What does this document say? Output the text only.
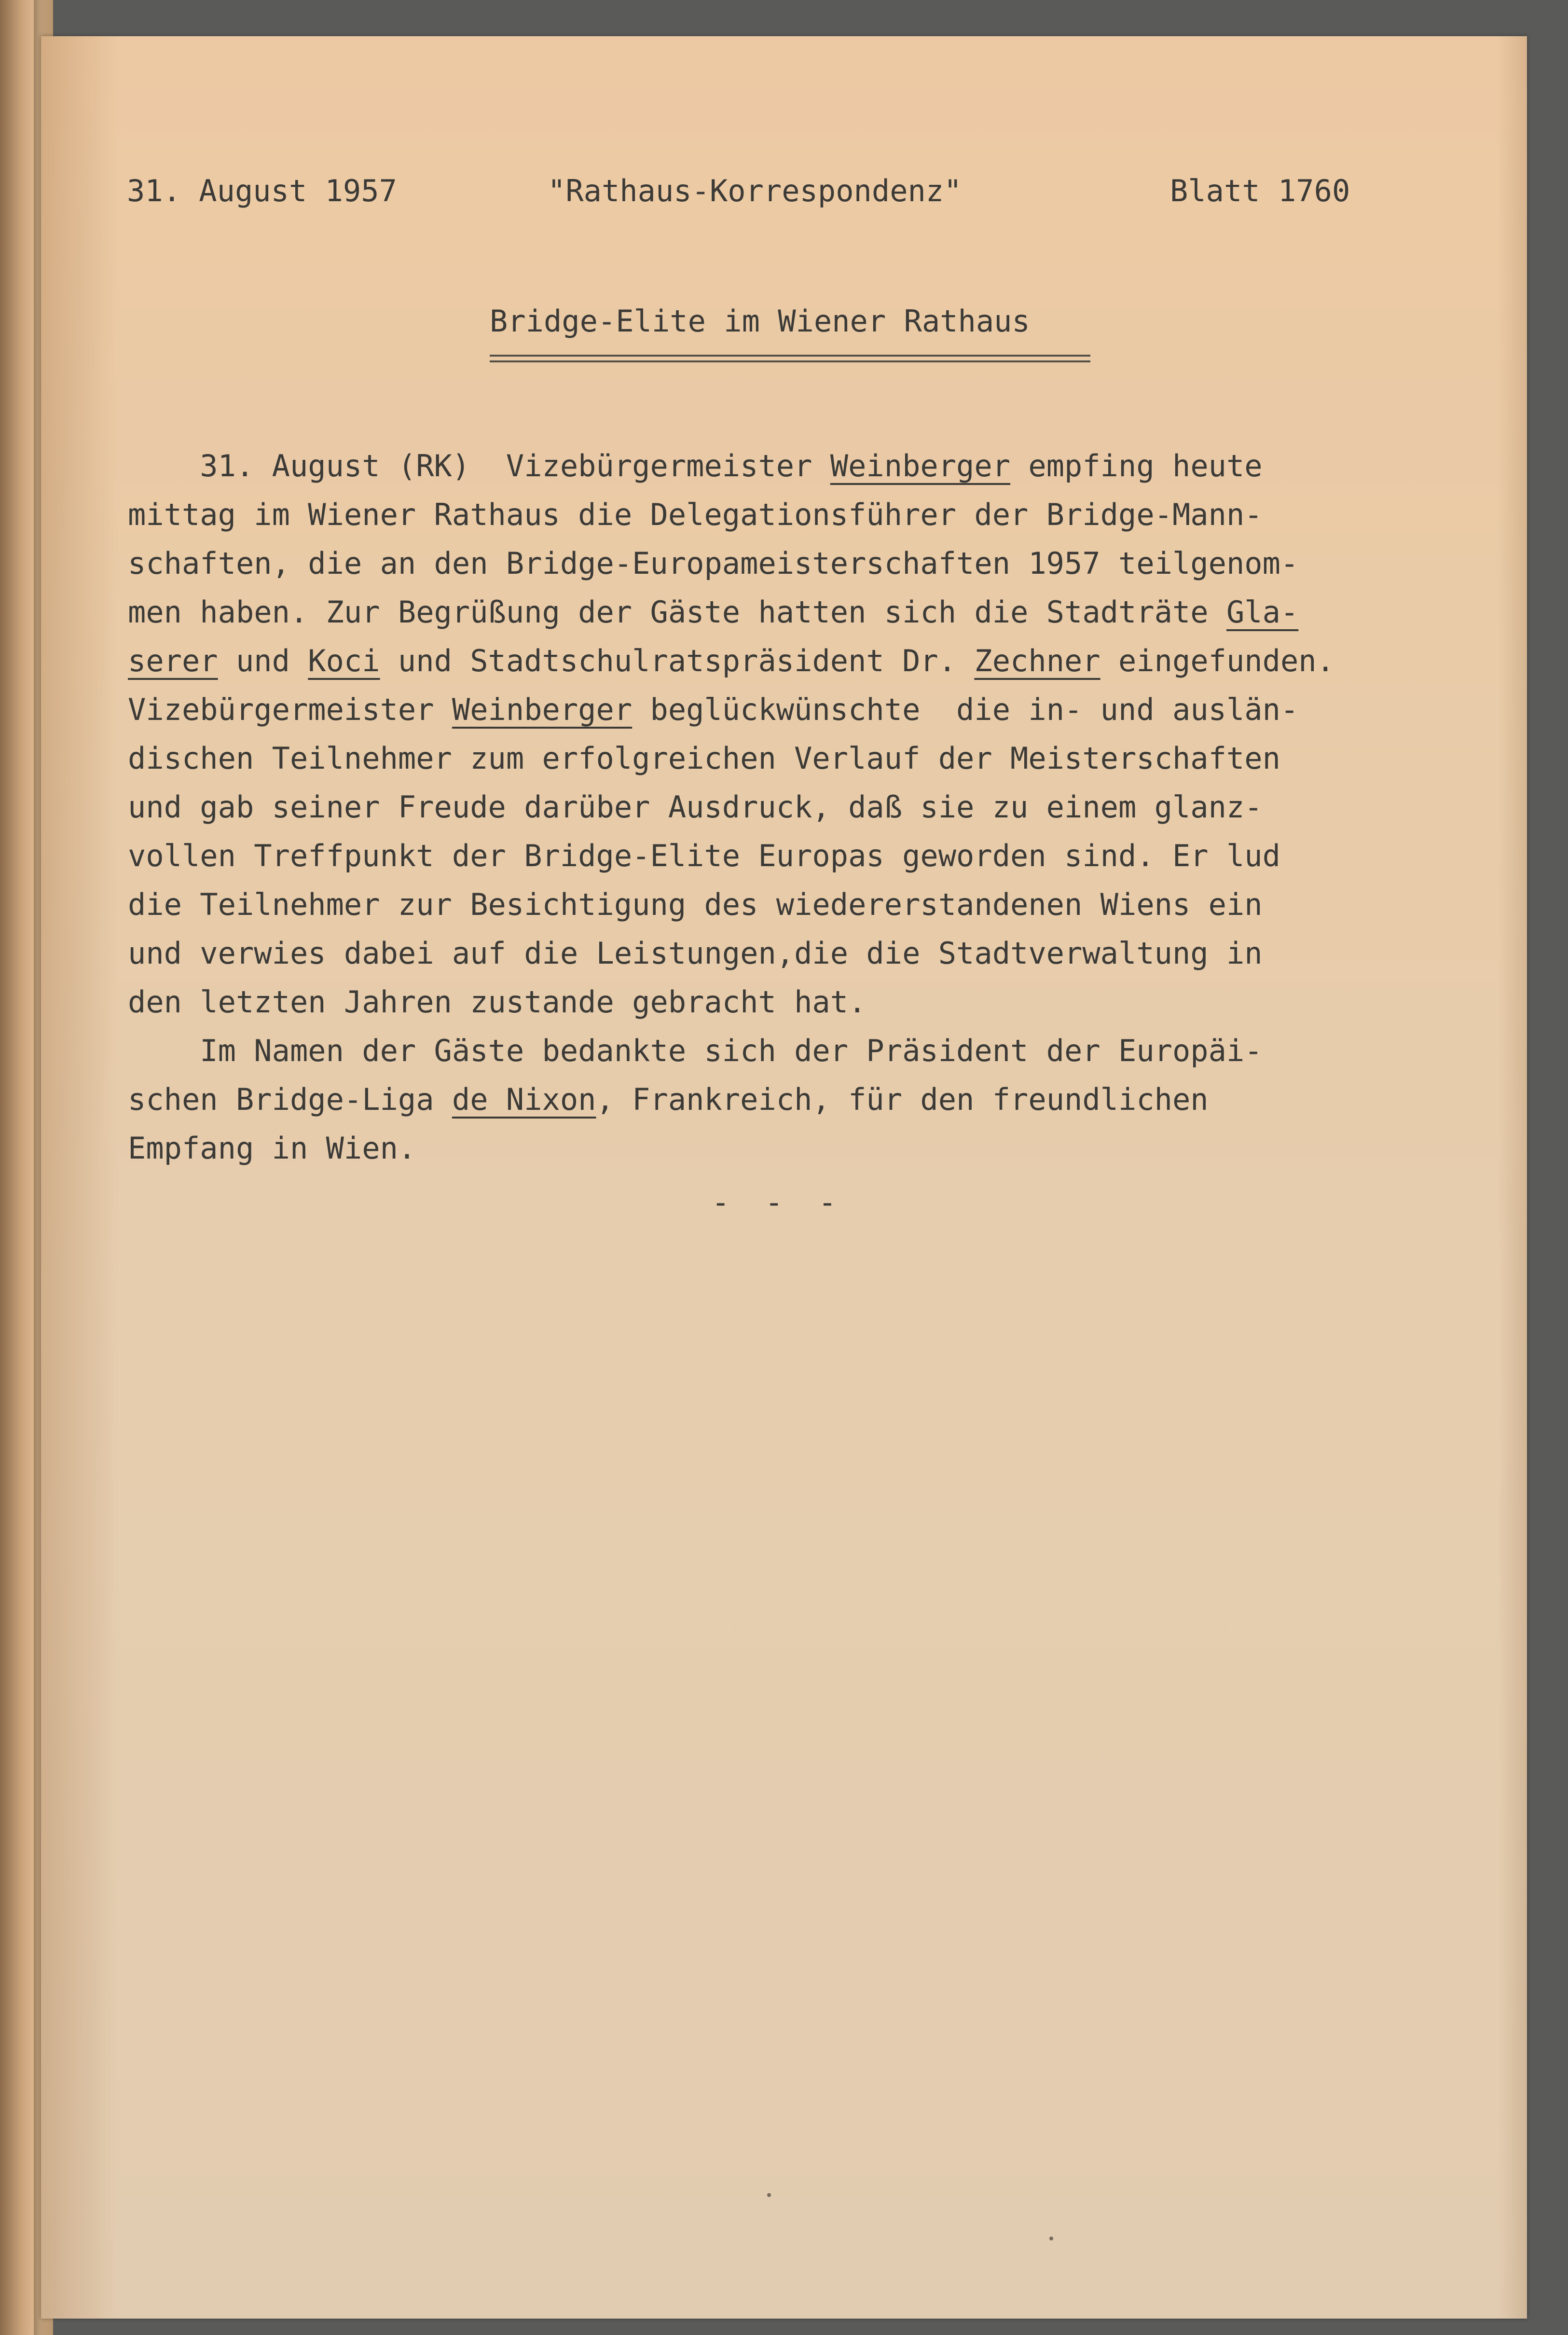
31. August 1957	"Rathaus-Korrespondenz"	Blatt 1760
Bridge-Elite im Wiener Rathaus
31. August (RK)  Vizebürgermeister Weinberger empfing heute
mittag im Wiener Rathaus die Delegationsführer der Bridge-Mann-
schaften, die an den Bridge-Europameisterschaften 1957 teilgenom-
men haben. Zur Begrüßung der Gäste hatten sich die Stadträte Gla-
serer und Koci und Stadtschulratspräsident Dr. Zechner eingefunden.
Vizebürgermeister Weinberger beglückwünschte  die in- und auslän-
dischen Teilnehmer zum erfolgreichen Verlauf der Meisterschaften
und gab seiner Freude darüber Ausdruck, daß sie zu einem glanz-
vollen Treffpunkt der Bridge-Elite Europas geworden sind. Er lud
die Teilnehmer zur Besichtigung des wiedererstandenen Wiens ein
und verwies dabei auf die Leistungen,die die Stadtverwaltung in
den letzten Jahren zustande gebracht hat.
Im Namen der Gäste bedankte sich der Präsident der Europäi-
schen Bridge-Liga de Nixon, Frankreich, für den freundlichen
Empfang in Wien.
- - -
